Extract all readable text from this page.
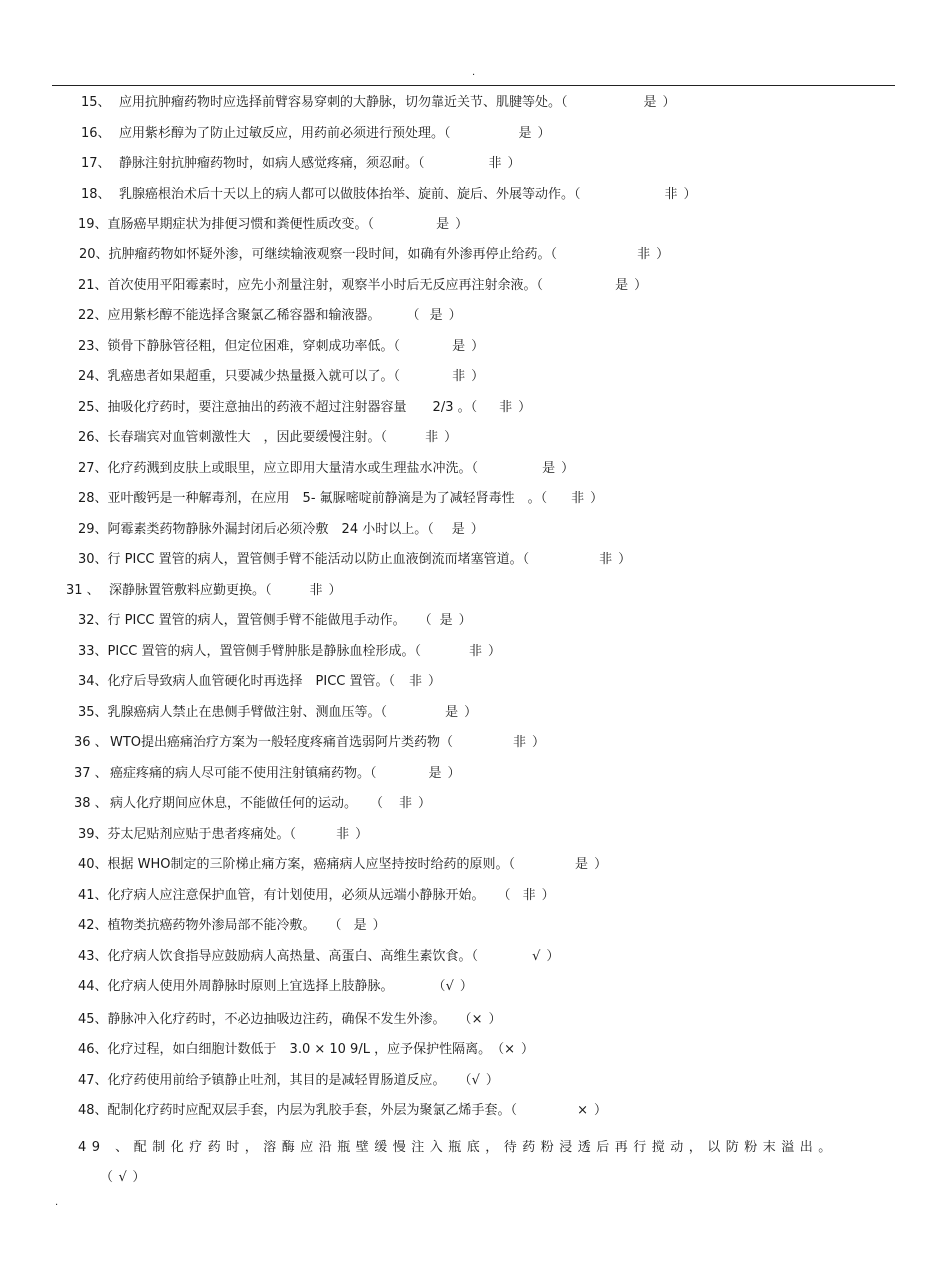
.
15、 应用抗肿瘤药物时应选择前臂容易穿刺的大静脉，切勿靠近关节、肌腱等处。（	是 ）
16、 应用紫杉醇为了防止过敏反应，用药前必须进行预处理。（	是 ）
17、 静脉注射抗肿瘤药物时，如病人感觉疼痛，须忍耐。（	非 ）
18、 乳腺癌根治术后十天以上的病人都可以做肢体抬举、旋前、旋后、外展等动作。（	非 ）
19、直肠癌早期症状为排便习惯和粪便性质改变。（	是 ）
20、抗肿瘤药物如怀疑外渗，可继续输液观察一段时间，如确有外渗再停止给药。（	非 ）
21、首次使用平阳霉素时，应先小剂量注射，观察半小时后无反应再注射余液。（	是 ）
22、应用紫杉醇不能选择含聚氯乙稀容器和输液器。　　　（ 是 ）
23、锁骨下静脉管径粗，但定位困难，穿刺成功率低。（	是 ）
24、乳癌患者如果超重，只要减少热量摄入就可以了。（	非 ）
25、抽吸化疗药时，要注意抽出的药液不超过注射器容量　　2/3 。（ 非 ）
26、长春瑞宾对血管刺激性大　，因此要缓慢注射。（	非 ）
27、化疗药溅到皮肤上或眼里，应立即用大量清水或生理盐水冲洗。（	是 ）
28、亚叶酸钙是一种解毒剂，在应用　5- 氟脲嘧啶前静滴是为了减轻肾毒性　。（ 非 ）
29、阿霉素类药物静脉外漏封闭后必须冷敷　24 小时以上。（ 是 ）
30、行 PICC 置管的病人，置管侧手臂不能活动以防止血液倒流而堵塞管道。（	非 ）
31 、 深静脉置管敷料应勤更换。（	非 ）
32、行 PICC 置管的病人，置管侧手臂不能做甩手动作。　　（ 是 ）
33、PICC 置管的病人，置管侧手臂肿胀是静脉血栓形成。（	非 ）
34、化疗后导致病人血管硬化时再选择　PICC 置管。（ 非 ）
35、乳腺癌病人禁止在患侧手臂做注射、测血压等。（	是 ）
36 、 WTO提出癌痛治疗方案为一般轻度疼痛首选弱阿片类药物（	非 ）
37 、 癌症疼痛的病人尽可能不使用注射镇痛药物。（	是 ）
38 、 病人化疗期间应休息，不能做任何的运动。　　（ 非 ）
39、芬太尼贴剂应贴于患者疼痛处。（	非 ）
40、根据 WHO制定的三阶梯止痛方案，癌痛病人应坚持按时给药的原则。（	是 ）
41、化疗病人应注意保护血管，有计划使用，必须从远端小静脉开始。　　（ 非 ）
42、植物类抗癌药物外渗局部不能冷敷。　　（ 是 ）
43、化疗病人饮食指导应鼓励病人高热量、高蛋白、高维生素饮食。（	√ ）
44、化疗病人使用外周静脉时原则上宜选择上肢静脉。　　　　（√ ）
45、静脉冲入化疗药时，不必边抽吸边注药，确保不发生外渗。　　（× ）
46、化疗过程，如白细胞计数低于　3.0 × 10 9/L ，应予保护性隔离。　（× ）
47、化疗药使用前给予镇静止吐剂，其目的是减轻胃肠道反应。　　（√ ）
48、配制化疗药时应配双层手套，内层为乳胶手套，外层为聚氯乙烯手套。（	× ）
49 、配制化疗药时，溶酶应沿瓶壁缓慢注入瓶底，待药粉浸透后再行搅动，以防粉末溢出。
（√）
.
